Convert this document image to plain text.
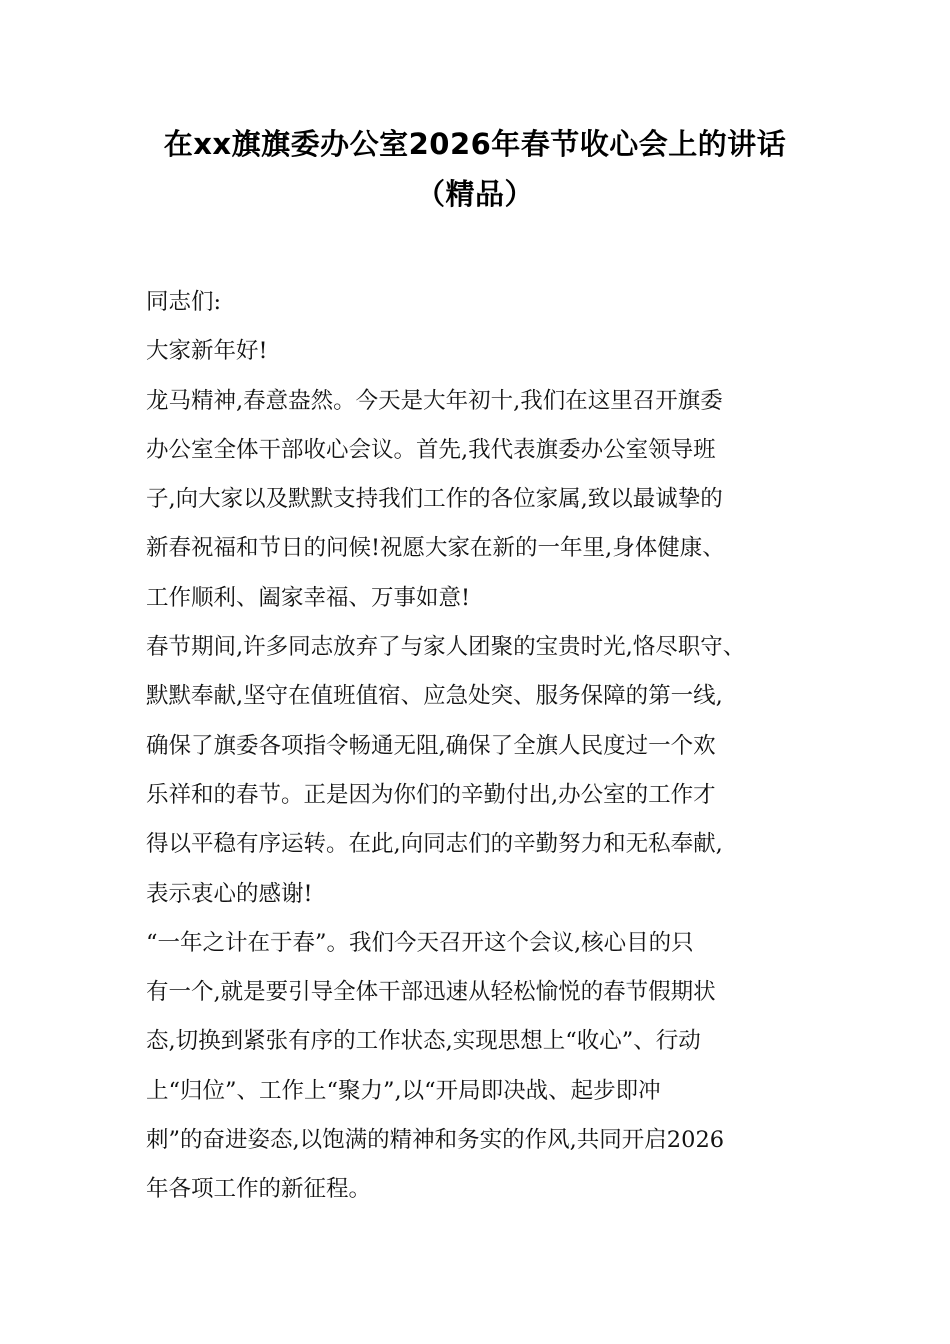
在xx旗旗委办公室2026年春节收心会上的讲话
（精品）
同志们:
大家新年好!
龙马精神,春意盎然。今天是大年初十,我们在这里召开旗委
办公室全体干部收心会议。首先,我代表旗委办公室领导班
子,向大家以及默默支持我们工作的各位家属,致以最诚挚的
新春祝福和节日的问候!祝愿大家在新的一年里,身体健康、
工作顺利、阖家幸福、万事如意!
春节期间,许多同志放弃了与家人团聚的宝贵时光,恪尽职守、
默默奉献,坚守在值班值宿、应急处突、服务保障的第一线,
确保了旗委各项指令畅通无阻,确保了全旗人民度过一个欢
乐祥和的春节。正是因为你们的辛勤付出,办公室的工作才
得以平稳有序运转。在此,向同志们的辛勤努力和无私奉献,
表示衷心的感谢!
“一年之计在于春”。我们今天召开这个会议,核心目的只
有一个,就是要引导全体干部迅速从轻松愉悦的春节假期状
态,切换到紧张有序的工作状态,实现思想上“收心”、行动
上“归位”、工作上“聚力”,以“开局即决战、起步即冲
刺”的奋进姿态,以饱满的精神和务实的作风,共同开启2026
年各项工作的新征程。
